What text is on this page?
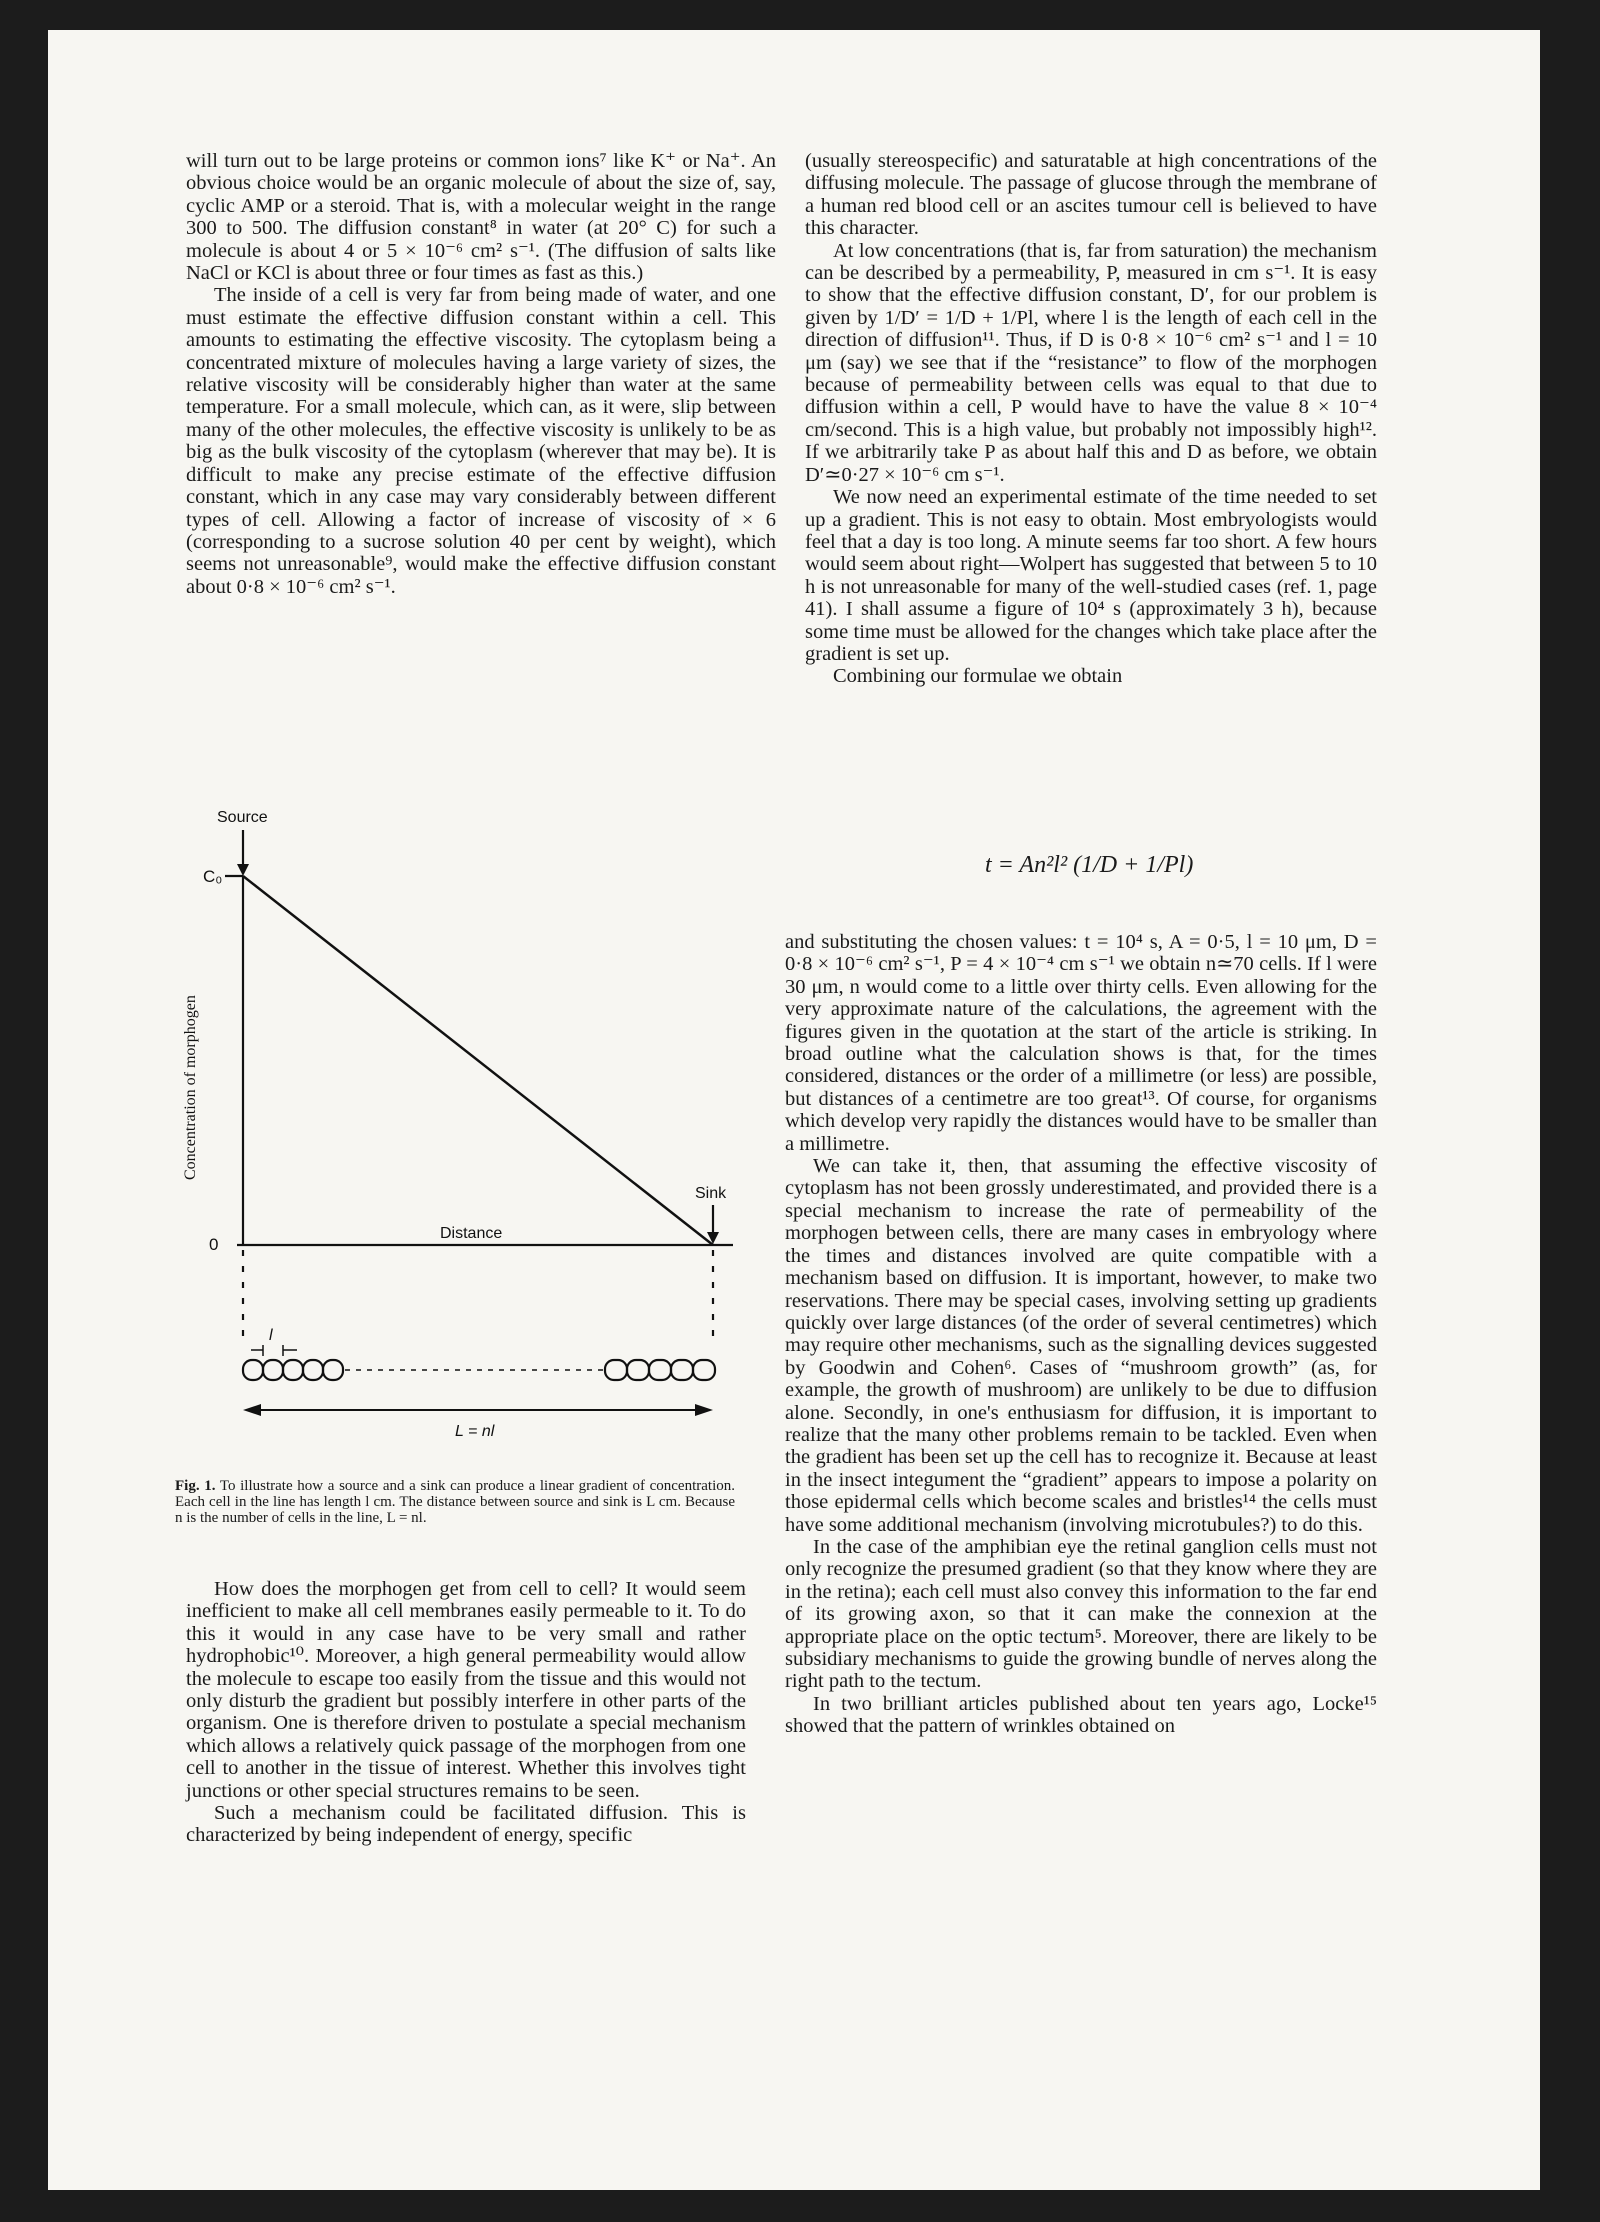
will turn out to be large proteins or common ions⁷ like K⁺ or Na⁺. An obvious choice would be an organic molecule of about the size of, say, cyclic AMP or a steroid. That is, with a molecular weight in the range 300 to 500. The diffusion constant⁸ in water (at 20° C) for such a molecule is about 4 or 5 × 10⁻⁶ cm² s⁻¹. (The diffusion of salts like NaCl or KCl is about three or four times as fast as this.)

The inside of a cell is very far from being made of water, and one must estimate the effective diffusion constant within a cell. This amounts to estimating the effective viscosity. The cytoplasm being a concentrated mixture of molecules having a large variety of sizes, the relative viscosity will be considerably higher than water at the same temperature. For a small molecule, which can, as it were, slip between many of the other molecules, the effective viscosity is unlikely to be as big as the bulk viscosity of the cytoplasm (wherever that may be). It is difficult to make any precise estimate of the effective diffusion constant, which in any case may vary considerably between different types of cell. Allowing a factor of increase of viscosity of × 6 (corresponding to a sucrose solution 40 per cent by weight), which seems not unreasonable⁹, would make the effective diffusion constant about 0·8 × 10⁻⁶ cm² s⁻¹.

(usually stereospecific) and saturatable at high concentrations of the diffusing molecule. The passage of glucose through the membrane of a human red blood cell or an ascites tumour cell is believed to have this character.

At low concentrations (that is, far from saturation) the mechanism can be described by a permeability, P, measured in cm s⁻¹. It is easy to show that the effective diffusion constant, D′, for our problem is given by 1/D′ = 1/D + 1/Pl, where l is the length of each cell in the direction of diffusion¹¹. Thus, if D is 0·8 × 10⁻⁶ cm² s⁻¹ and l = 10 μm (say) we see that if the “resistance” to flow of the morphogen because of permeability between cells was equal to that due to diffusion within a cell, P would have to have the value 8 × 10⁻⁴ cm/second. This is a high value, but probably not impossibly high¹². If we arbitrarily take P as about half this and D as before, we obtain D′≃0·27 × 10⁻⁶ cm s⁻¹.

We now need an experimental estimate of the time needed to set up a gradient. This is not easy to obtain. Most embryologists would feel that a day is too long. A minute seems far too short. A few hours would seem about right—Wolpert has suggested that between 5 to 10 h is not unreasonable for many of the well-studied cases (ref. 1, page 41). I shall assume a figure of 10⁴ s (approximately 3 h), because some time must be allowed for the changes which take place after the gradient is set up.

Combining our formulae we obtain

t = An²l² (1/D + 1/Pl)
Source
Sink
C₀
0
Distance
Concentration of morphogen
l
L = nl
Fig. 1. To illustrate how a source and a sink can produce a linear gradient of concentration. Each cell in the line has length l cm. The distance between source and sink is L cm. Because n is the number of cells in the line, L = nl.

How does the morphogen get from cell to cell? It would seem inefficient to make all cell membranes easily permeable to it. To do this it would in any case have to be very small and rather hydrophobic¹⁰. Moreover, a high general permeability would allow the molecule to escape too easily from the tissue and this would not only disturb the gradient but possibly interfere in other parts of the organism. One is therefore driven to postulate a special mechanism which allows a relatively quick passage of the morphogen from one cell to another in the tissue of interest. Whether this involves tight junctions or other special structures remains to be seen.

Such a mechanism could be facilitated diffusion. This is characterized by being independent of energy, specific

and substituting the chosen values: t = 10⁴ s, A = 0·5, l = 10 μm, D = 0·8 × 10⁻⁶ cm² s⁻¹, P = 4 × 10⁻⁴ cm s⁻¹ we obtain n≃70 cells. If l were 30 μm, n would come to a little over thirty cells. Even allowing for the very approximate nature of the calculations, the agreement with the figures given in the quotation at the start of the article is striking. In broad outline what the calculation shows is that, for the times considered, distances or the order of a millimetre (or less) are possible, but distances of a centimetre are too great¹³. Of course, for organisms which develop very rapidly the distances would have to be smaller than a millimetre.

We can take it, then, that assuming the effective viscosity of cytoplasm has not been grossly underestimated, and provided there is a special mechanism to increase the rate of permeability of the morphogen between cells, there are many cases in embryology where the times and distances involved are quite compatible with a mechanism based on diffusion. It is important, however, to make two reservations. There may be special cases, involving setting up gradients quickly over large distances (of the order of several centimetres) which may require other mechanisms, such as the signalling devices suggested by Goodwin and Cohen⁶. Cases of “mushroom growth” (as, for example, the growth of mushroom) are unlikely to be due to diffusion alone. Secondly, in one's enthusiasm for diffusion, it is important to realize that the many other problems remain to be tackled. Even when the gradient has been set up the cell has to recognize it. Because at least in the insect integument the “gradient” appears to impose a polarity on those epidermal cells which become scales and bristles¹⁴ the cells must have some additional mechanism (involving microtubules?) to do this.

In the case of the amphibian eye the retinal ganglion cells must not only recognize the presumed gradient (so that they know where they are in the retina); each cell must also convey this information to the far end of its growing axon, so that it can make the connexion at the appropriate place on the optic tectum⁵. Moreover, there are likely to be subsidiary mechanisms to guide the growing bundle of nerves along the right path to the tectum.

In two brilliant articles published about ten years ago, Locke¹⁵ showed that the pattern of wrinkles obtained on
